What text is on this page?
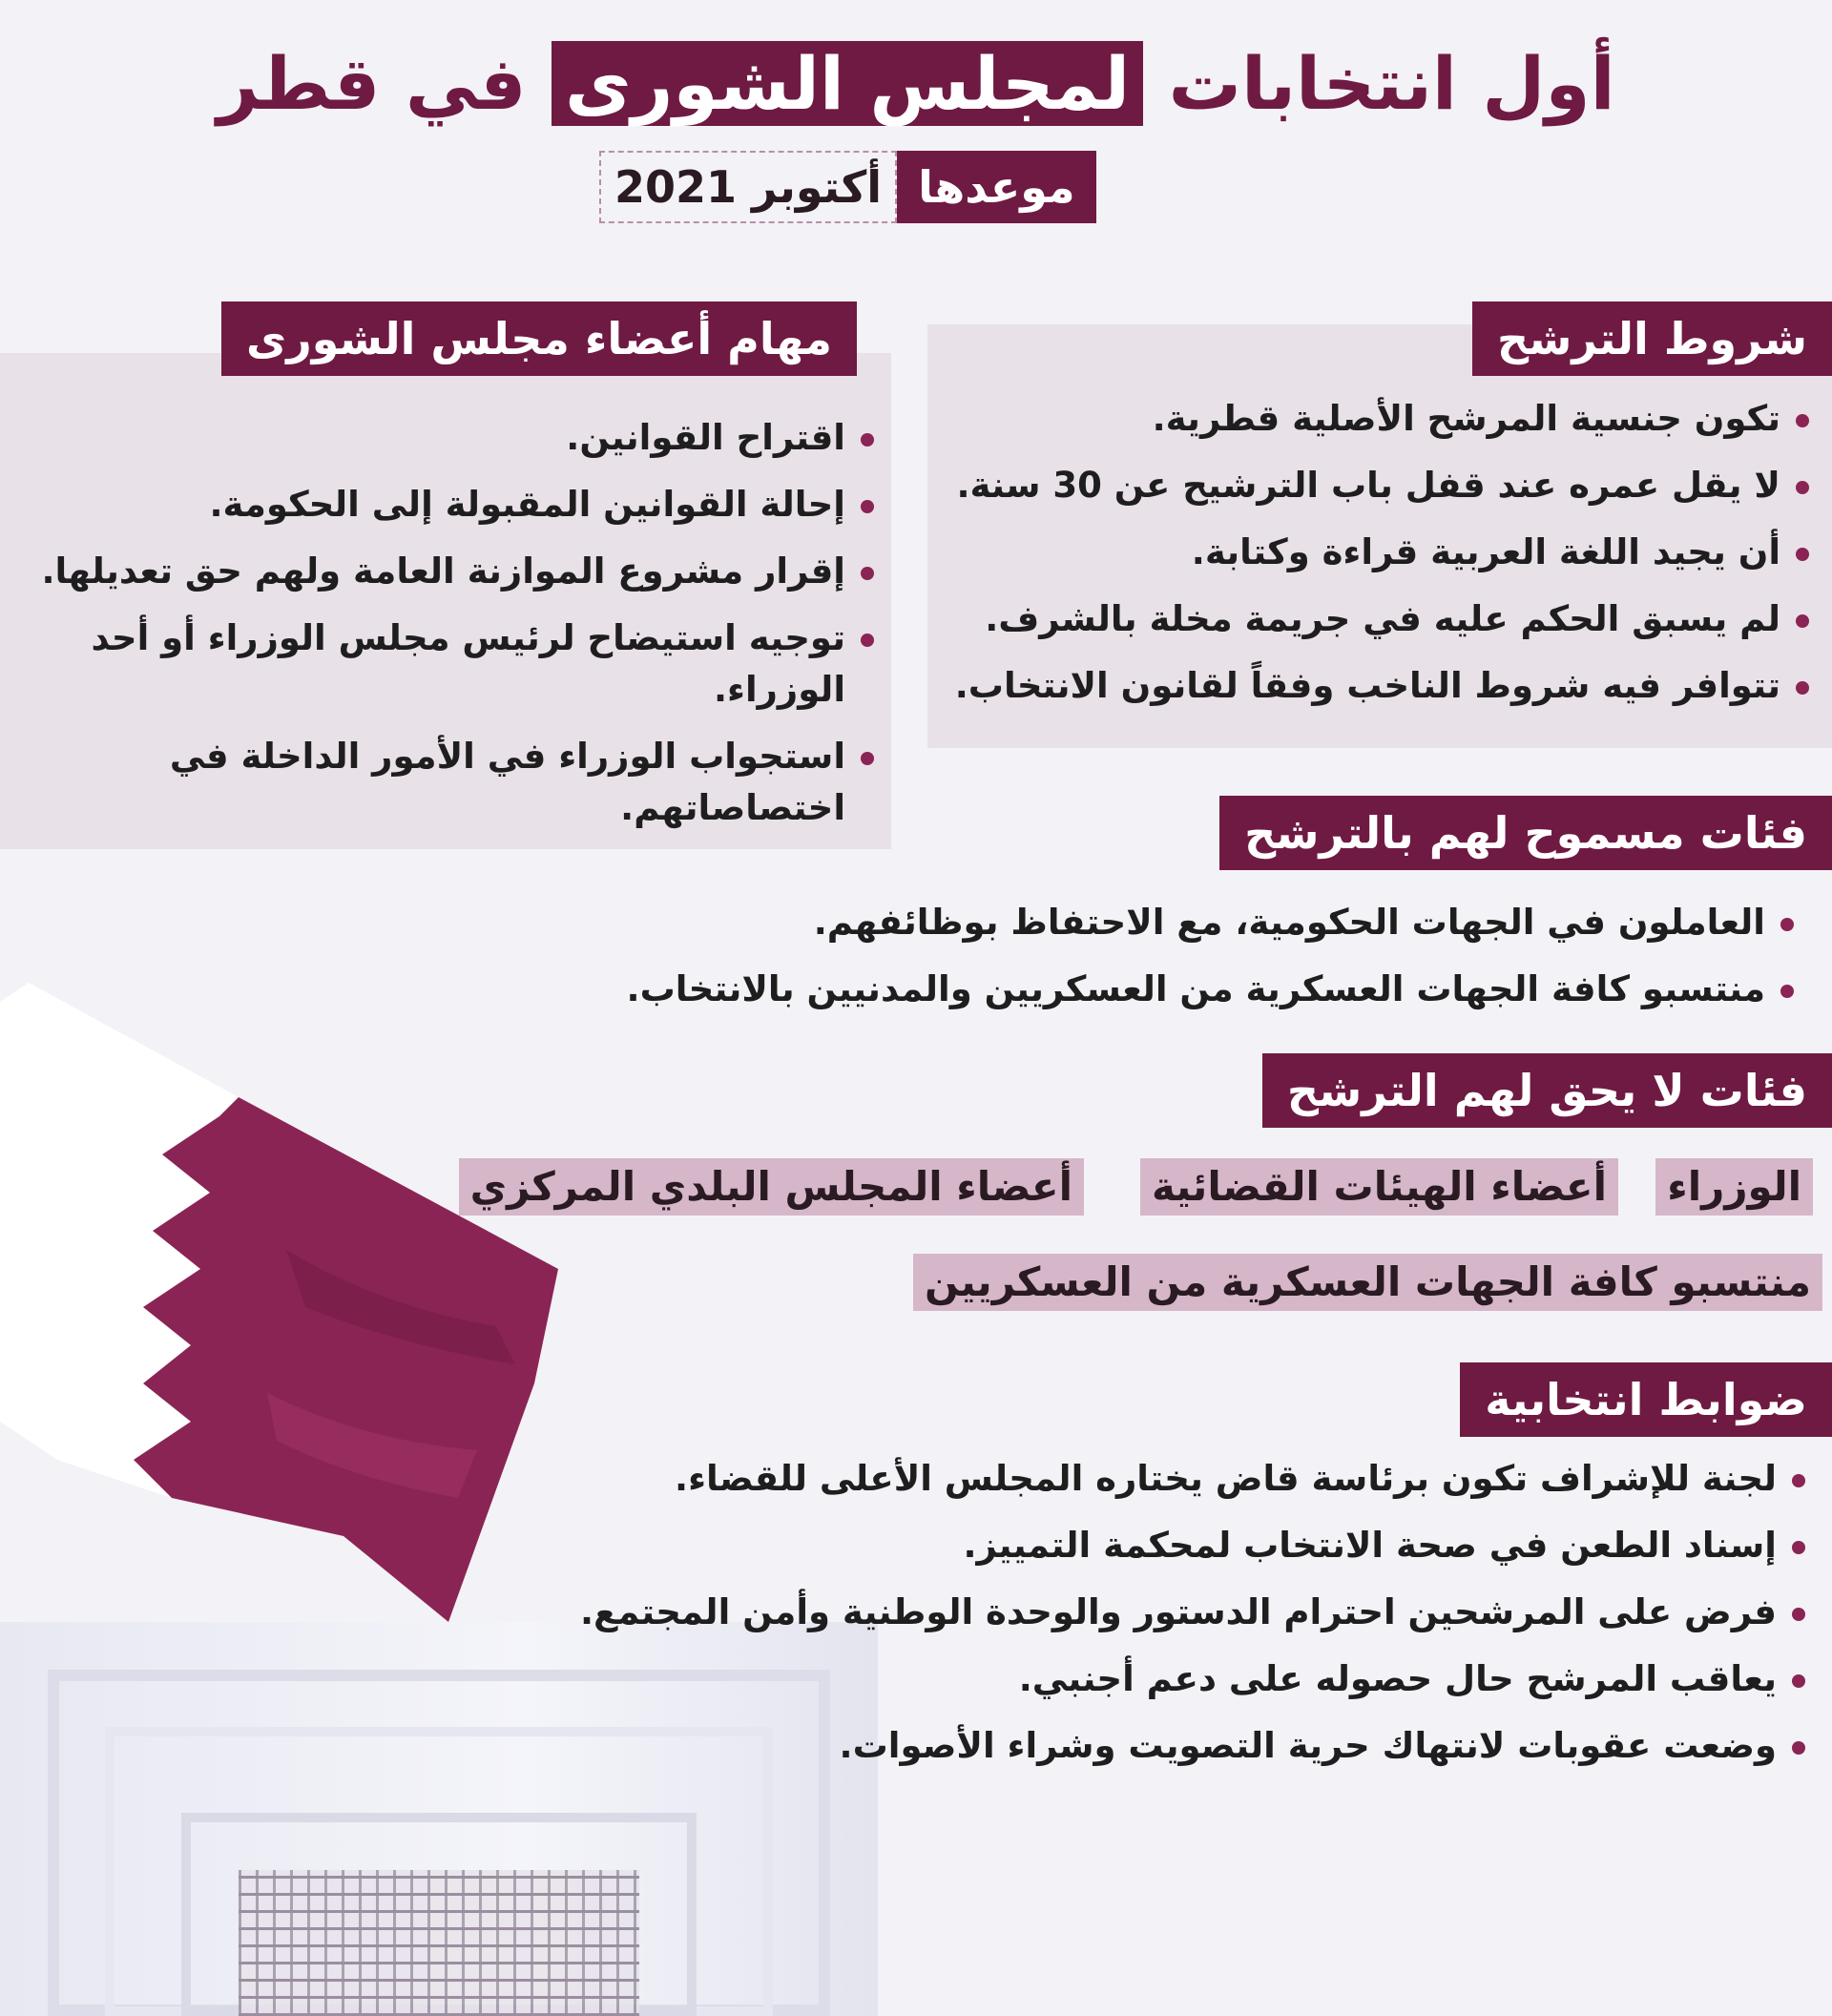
أول انتخابات لمجلس الشورى في قطر
موعدها
أكتوبر 2021
شروط الترشح
تكون جنسية المرشح الأصلية قطرية.
لا يقل عمره عند قفل باب الترشيح عن 30 سنة.
أن يجيد اللغة العربية قراءة وكتابة.
لم يسبق الحكم عليه في جريمة مخلة بالشرف.
تتوافر فيه شروط الناخب وفقاً لقانون الانتخاب.
مهام أعضاء مجلس الشورى
اقتراح القوانين.
إحالة القوانين المقبولة إلى الحكومة.
إقرار مشروع الموازنة العامة ولهم حق تعديلها.
توجيه استيضاح لرئيس مجلس الوزراء أو أحد الوزراء.
استجواب الوزراء في الأمور الداخلة في اختصاصاتهم.	فئات مسموح لهم بالترشح
العاملون في الجهات الحكومية، مع الاحتفاظ بوظائفهم.
منتسبو كافة الجهات العسكرية من العسكريين والمدنيين بالانتخاب.
فئات لا يحق لهم الترشح
الوزراء
أعضاء الهيئات القضائية
أعضاء المجلس البلدي المركزي
منتسبو كافة الجهات العسكرية من العسكريين
ضوابط انتخابية
لجنة للإشراف تكون برئاسة قاض يختاره المجلس الأعلى للقضاء.
إسناد الطعن في صحة الانتخاب لمحكمة التمييز.
فرض على المرشحين احترام الدستور والوحدة الوطنية وأمن المجتمع.
يعاقب المرشح حال حصوله على دعم أجنبي.
وضعت عقوبات لانتهاك حرية التصويت وشراء الأصوات.
